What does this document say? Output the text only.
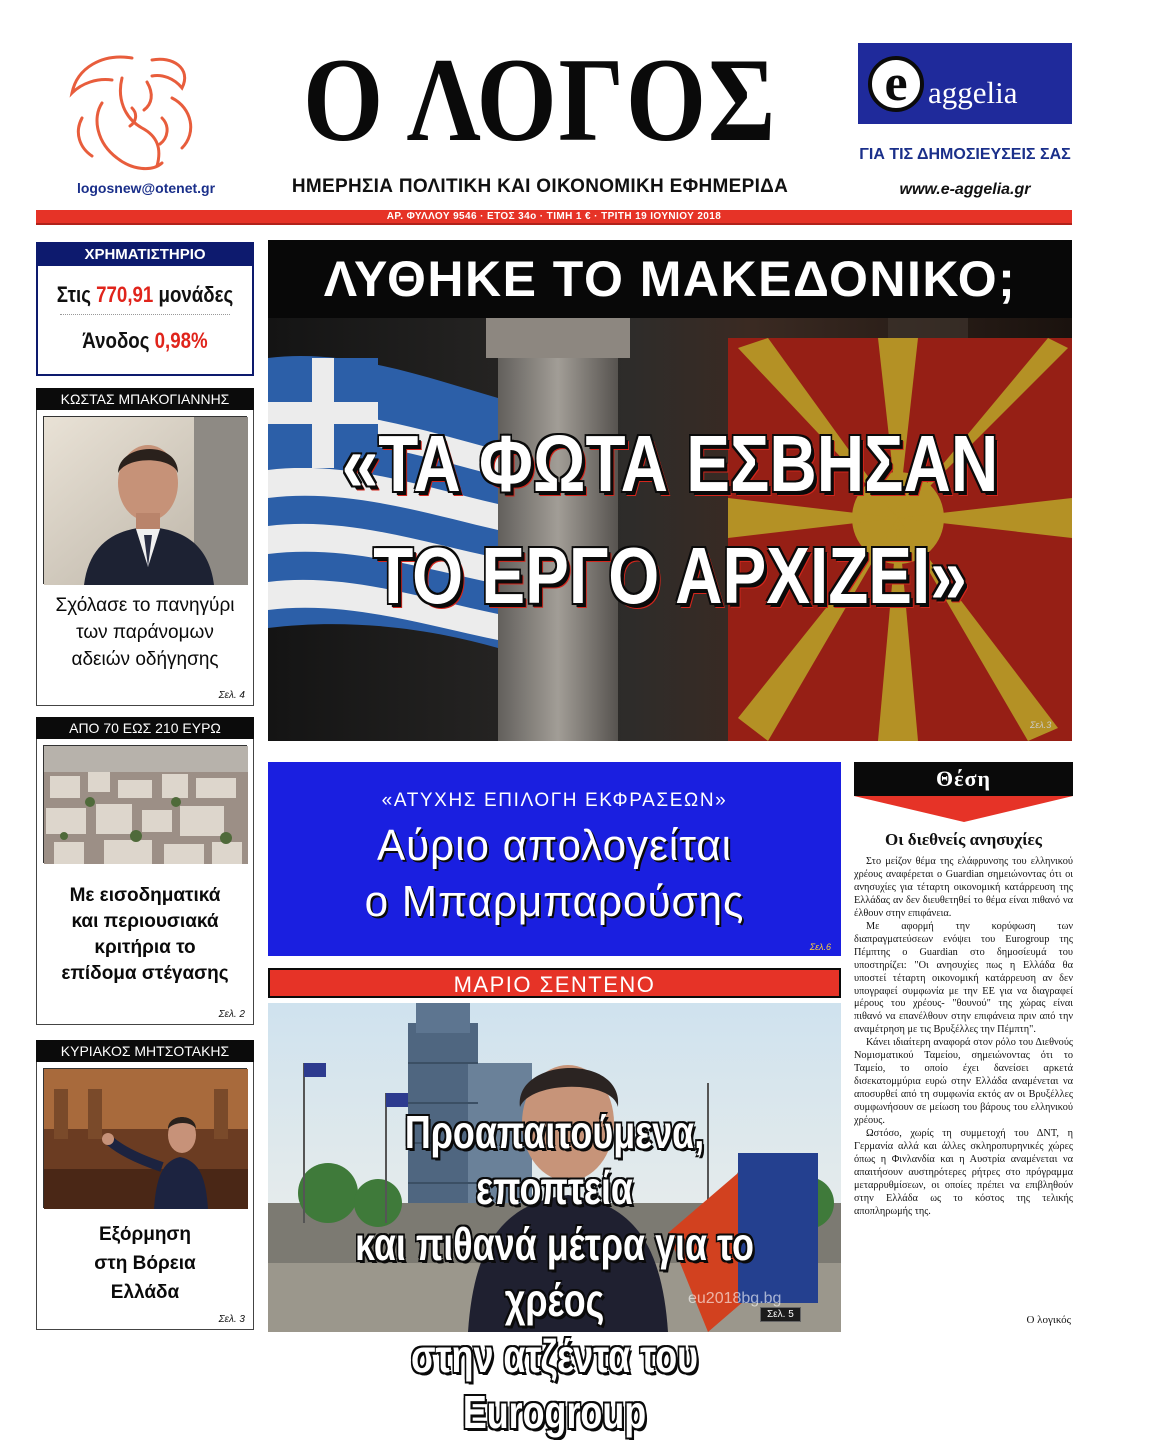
logosnew@otenet.gr
Ο ΛΟΓΟΣ
ΗΜΕΡΗΣΙΑ ΠΟΛΙΤΙΚΗ ΚΑΙ ΟΙΚΟΝΟΜΙΚΗ ΕΦΗΜΕΡΙΔΑ
e aggelia
ΓΙΑ ΤΙΣ ΔΗΜΟΣΙΕΥΣΕΙΣ ΣΑΣ
www.e-aggelia.gr
ΑΡ. ΦΥΛΛΟΥ 9546 · ΕΤΟΣ 34ο · ΤΙΜΗ 1 € · ΤΡΙΤΗ 19 ΙΟΥΝΙΟΥ 2018
ΧΡΗΜΑΤΙΣΤΗΡΙΟ
Στις 770,91 μονάδες
Άνοδος 0,98%
ΚΩΣΤΑΣ ΜΠΑΚΟΓΙΑΝΝΗΣ
Σχόλασε το πανηγύρι
των παράνομων
αδειών οδήγησης
Σελ. 4
ΑΠΟ 70 ΕΩΣ 210 ΕΥΡΩ
Με εισοδηματικά
και περιουσιακά
κριτήρια το
επίδομα στέγασης
Σελ. 2
ΚΥΡΙΑΚΟΣ ΜΗΤΣΟΤΑΚΗΣ
Εξόρμηση
στη Βόρεια
Ελλάδα
Σελ. 3
ΛΥΘΗΚΕ ΤΟ ΜΑΚΕΔΟΝΙΚΟ;
«ΤΑ ΦΩΤΑ ΕΣΒΗΣΑΝ
ΤΟ ΕΡΓΟ ΑΡΧΙΖΕΙ»
Σελ.3
«ΑΤΥΧΗΣ ΕΠΙΛΟΓΗ ΕΚΦΡΑΣΕΩΝ»
Αύριο απολογείται
ο Μπαρμπαρούσης
Σελ.6
Θέση
Οι διεθνείς ανησυχίες

Στο μείζον θέμα της ελάφρυνσης του ελληνικού χρέους αναφέρεται ο Guardian σημειώνοντας ότι οι ανησυχίες για τέταρτη οικονομική κατάρρευση της Ελλάδας αν δεν διευθετηθεί το θέμα είναι πιθανό να έλθουν στην επιφάνεια.

Με αφορμή την κορύφωση των διαπραγματεύσεων ενόψει του Eurogroup της Πέμπτης ο Guardian στο δημοσίευμά του υποστηρίζει: "Οι ανησυχίες πως η Ελλάδα θα υποστεί τέταρτη οικονομική κατάρρευση αν δεν υπογραφεί συμφωνία με την ΕΕ για να διαγραφεί μέρους του χρέους- "θουνού" της χώρας είναι πιθανό να επανέλθουν στην επιφάνεια πριν από την αναμέτρηση με τις Βρυξέλλες την Πέμπτη".

Κάνει ιδιαίτερη αναφορά στον ρόλο του Διεθνούς Νομισματικού Ταμείου, σημειώνοντας ότι το Ταμείο, το οποίο έχει δανείσει αρκετά δισεκατομμύρια ευρώ στην Ελλάδα αναμένεται να αποσυρθεί από τη συμφωνία εκτός αν οι Βρυξέλλες συμφωνήσουν σε μείωση του βάρους του ελληνικού χρέους.

Ωστόσο, χωρίς τη συμμετοχή του ΔΝΤ, η Γερμανία αλλά και άλλες σκληροπυρηνικές χώρες όπως η Φινλανδία και η Αυστρία αναμένεται να απαιτήσουν αυστηρότερες ρήτρες στο πρόγραμμα μεταρρυθμίσεων, οι οποίες πρέπει να επιβληθούν στην Ελλάδα ως το κόστος της τελικής αποπληρωμής της.

Ο λογικός
ΜΑΡΙΟ ΣΕΝΤΕΝΟ
eu2018bg.bg
Προαπαιτούμενα, εποπτεία
και πιθανά μέτρα για το χρέος
στην ατζέντα του Eurogroup
Σελ. 5
